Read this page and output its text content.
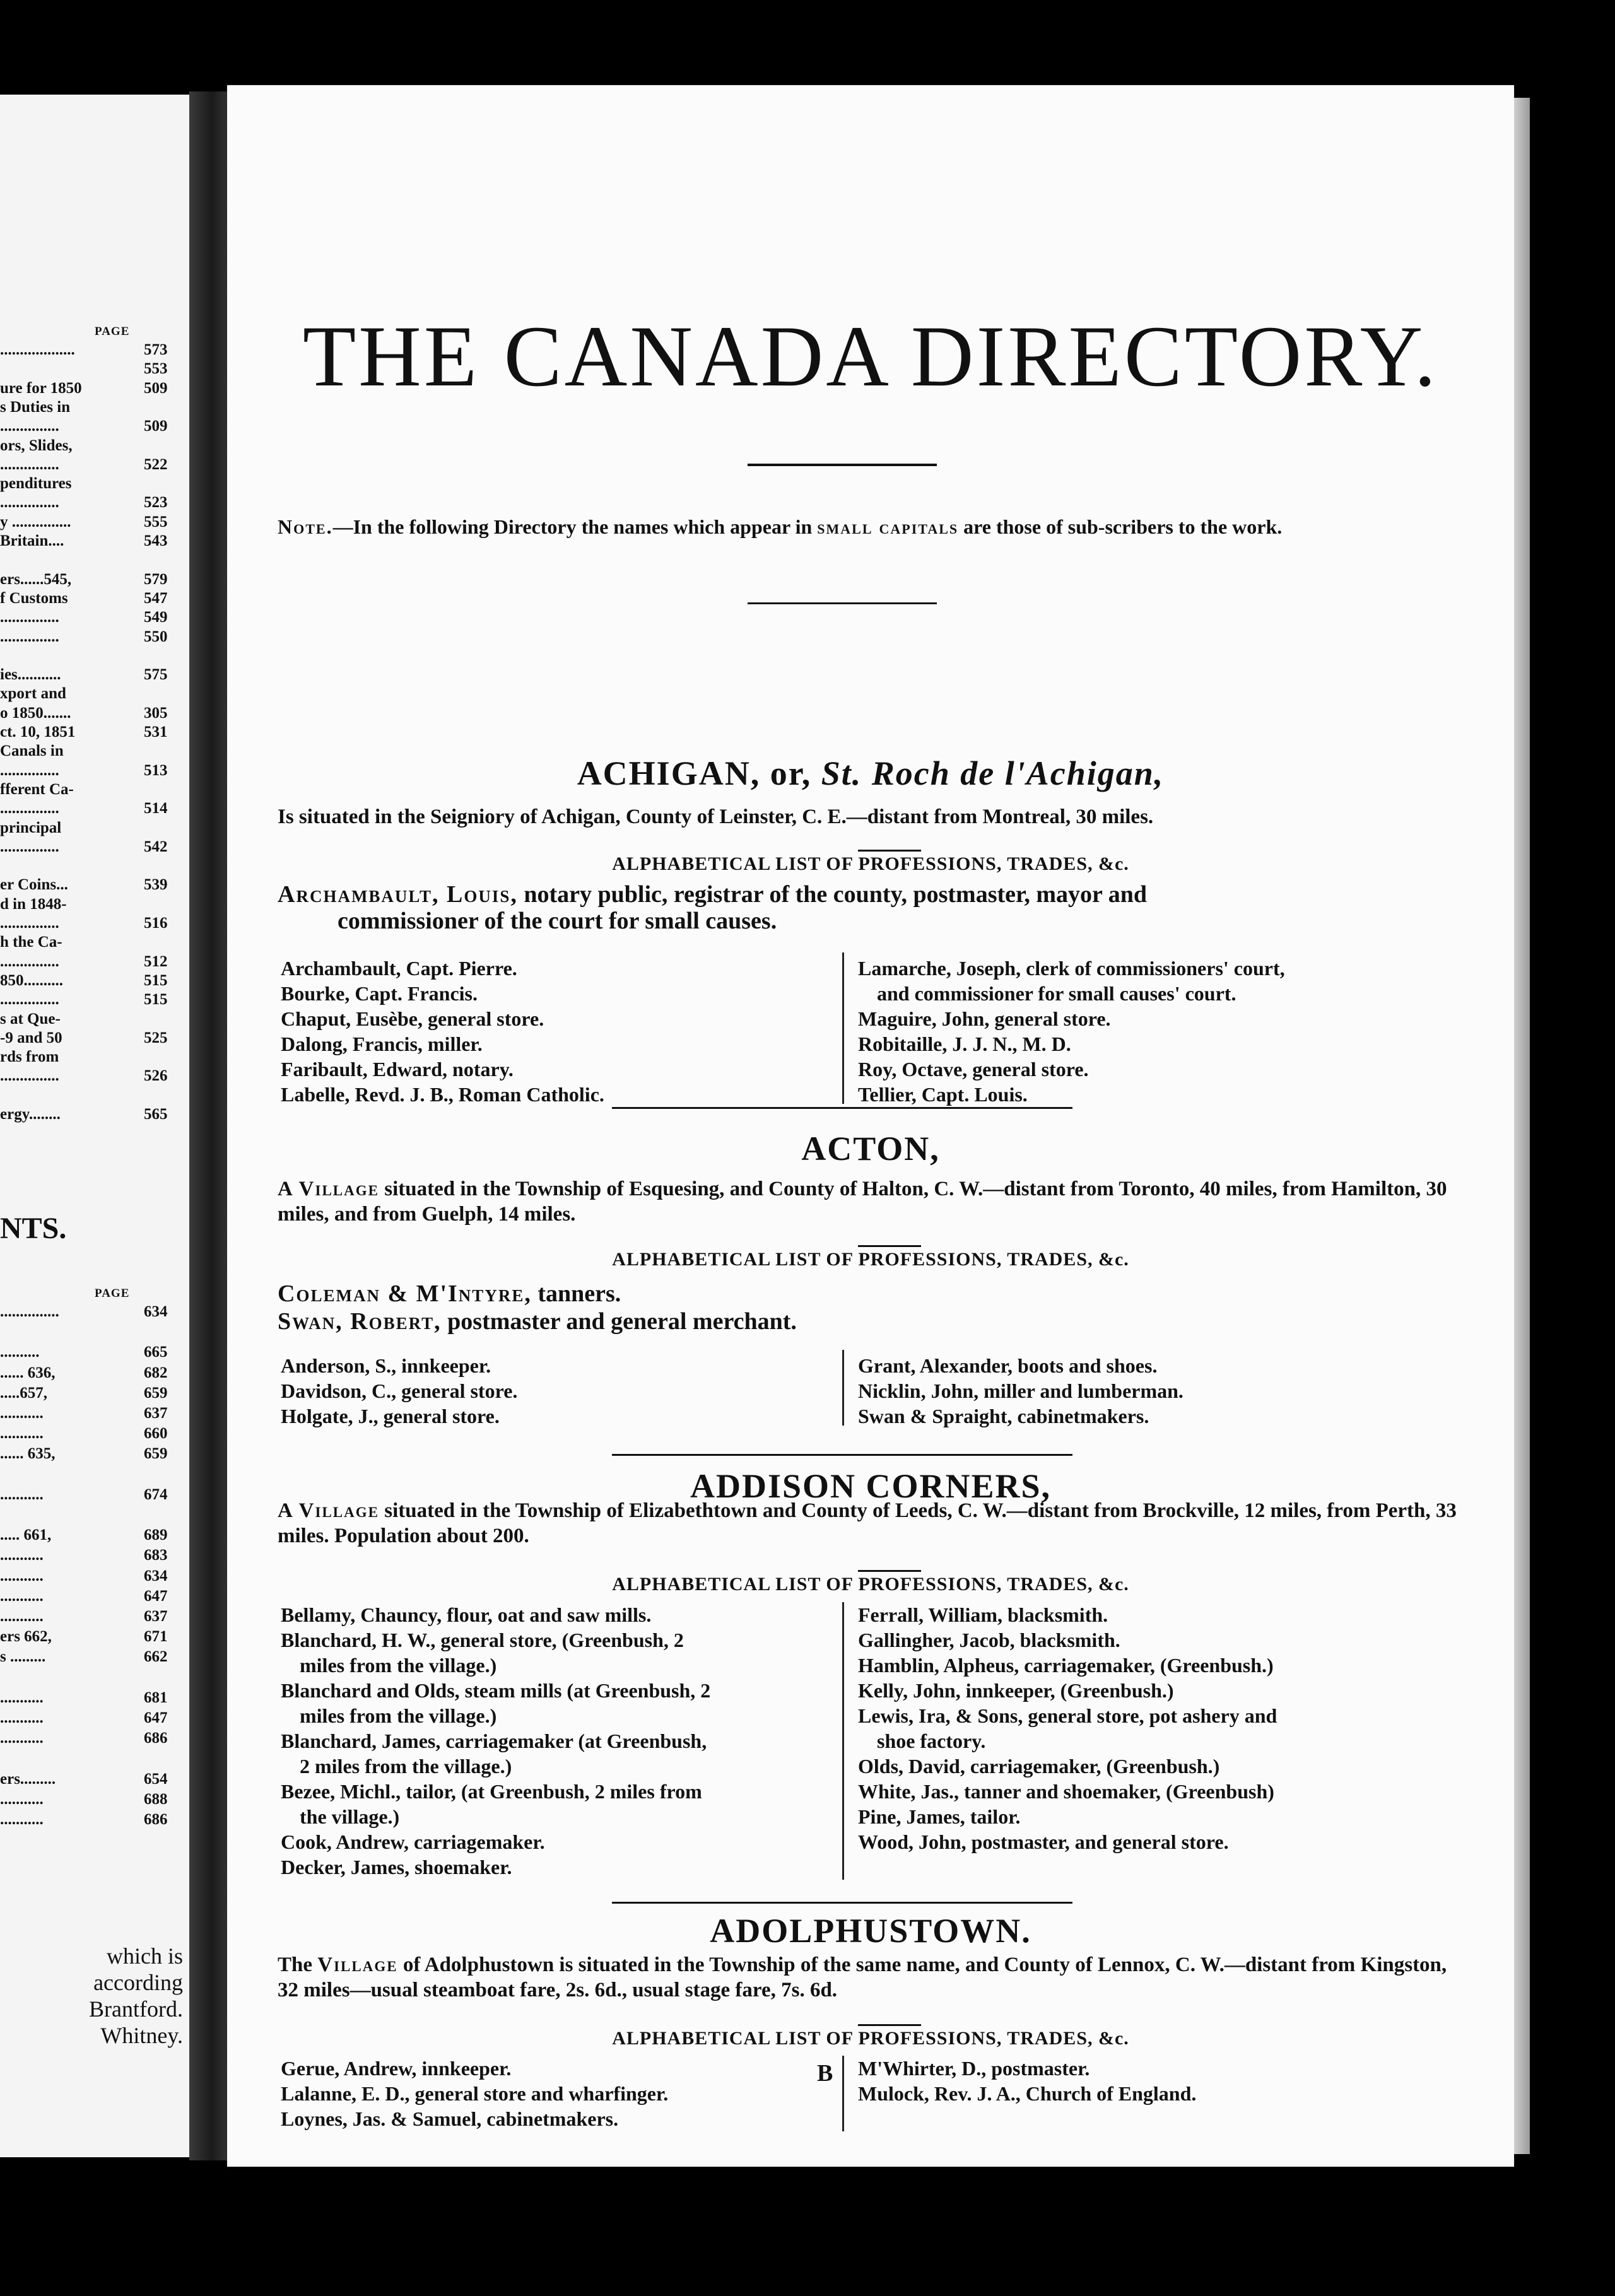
PAGE
...................	573
553
ure for 1850	509
s Duties in
...............	509
ors, Slides,
...............	522
penditures
...............	523
y ...............	555
Britain....	543
ers......545,	579
f Customs	547
...............	549
...............	550
ies...........	575
xport and
o 1850.......	305
ct. 10, 1851	531
Canals in
...............	513
fferent Ca-
...............	514
principal
...............	542
er Coins...	539
d in 1848-
...............	516
h the Ca-
...............	512
850..........	515
...............	515
s at Que-
-9 and 50	525
rds from
...............	526
ergy........	565
NTS.
PAGE
...............	634
..........	665
...... 636,	682
.....657,	659
...........	637
...........	660
...... 635,	659
...........	674
..... 661,	689
...........	683
...........	634
...........	647
...........	637
ers 662,	671
s .........	662
...........	681
...........	647
...........	686
ers.........	654
...........	688
...........	686
which is
according
Brantford.
Whitney.
THE CANADA DIRECTORY.
Note.—In the following Directory the names which appear in small capitals are those of sub-scribers to the work.
ACHIGAN, or, St. Roch de l'Achigan,
Is situated in the Seigniory of Achigan, County of Leinster, C. E.—distant from Montreal, 30 miles.
ALPHABETICAL LIST OF PROFESSIONS, TRADES, &c.
Archambault, Louis, notary public, registrar of the county, postmaster, mayor and
commissioner of the court for small causes.
Archambault, Capt. Pierre.
Bourke, Capt. Francis.
Chaput, Eusèbe, general store.
Dalong, Francis, miller.
Faribault, Edward, notary.
Labelle, Revd. J. B., Roman Catholic.
Lamarche, Joseph, clerk of commissioners' court,
and commissioner for small causes' court.
Maguire, John, general store.
Robitaille, J. J. N., M. D.
Roy, Octave, general store.
Tellier, Capt. Louis.
ACTON,
A Village situated in the Township of Esquesing, and County of Halton, C. W.—distant from Toronto, 40 miles, from Hamilton, 30 miles, and from Guelph, 14 miles.
ALPHABETICAL LIST OF PROFESSIONS, TRADES, &c.
Coleman & M'Intyre, tanners.
Swan, Robert, postmaster and general merchant.
Anderson, S., innkeeper.
Davidson, C., general store.
Holgate, J., general store.
Grant, Alexander, boots and shoes.
Nicklin, John, miller and lumberman.
Swan & Spraight, cabinetmakers.
ADDISON CORNERS,
A Village situated in the Township of Elizabethtown and County of Leeds, C. W.—distant from Brockville, 12 miles, from Perth, 33 miles. Population about 200.
ALPHABETICAL LIST OF PROFESSIONS, TRADES, &c.
Bellamy, Chauncy, flour, oat and saw mills.
Blanchard, H. W., general store, (Greenbush, 2
miles from the village.)
Blanchard and Olds, steam mills (at Greenbush, 2
miles from the village.)
Blanchard, James, carriagemaker (at Greenbush,
2 miles from the village.)
Bezee, Michl., tailor, (at Greenbush, 2 miles from
the village.)
Cook, Andrew, carriagemaker.
Decker, James, shoemaker.
Ferrall, William, blacksmith.
Gallingher, Jacob, blacksmith.
Hamblin, Alpheus, carriagemaker, (Greenbush.)
Kelly, John, innkeeper, (Greenbush.)
Lewis, Ira, & Sons, general store, pot ashery and
shoe factory.
Olds, David, carriagemaker, (Greenbush.)
White, Jas., tanner and shoemaker, (Greenbush)
Pine, James, tailor.
Wood, John, postmaster, and general store.
ADOLPHUSTOWN.
The Village of Adolphustown is situated in the Township of the same name, and County of Lennox, C. W.—distant from Kingston, 32 miles—usual steamboat fare, 2s. 6d., usual stage fare, 7s. 6d.
ALPHABETICAL LIST OF PROFESSIONS, TRADES, &c.
Gerue, Andrew, innkeeper.
Lalanne, E. D., general store and wharfinger.
Loynes, Jas. & Samuel, cabinetmakers.
M'Whirter, D., postmaster.
Mulock, Rev. J. A., Church of England.
B
